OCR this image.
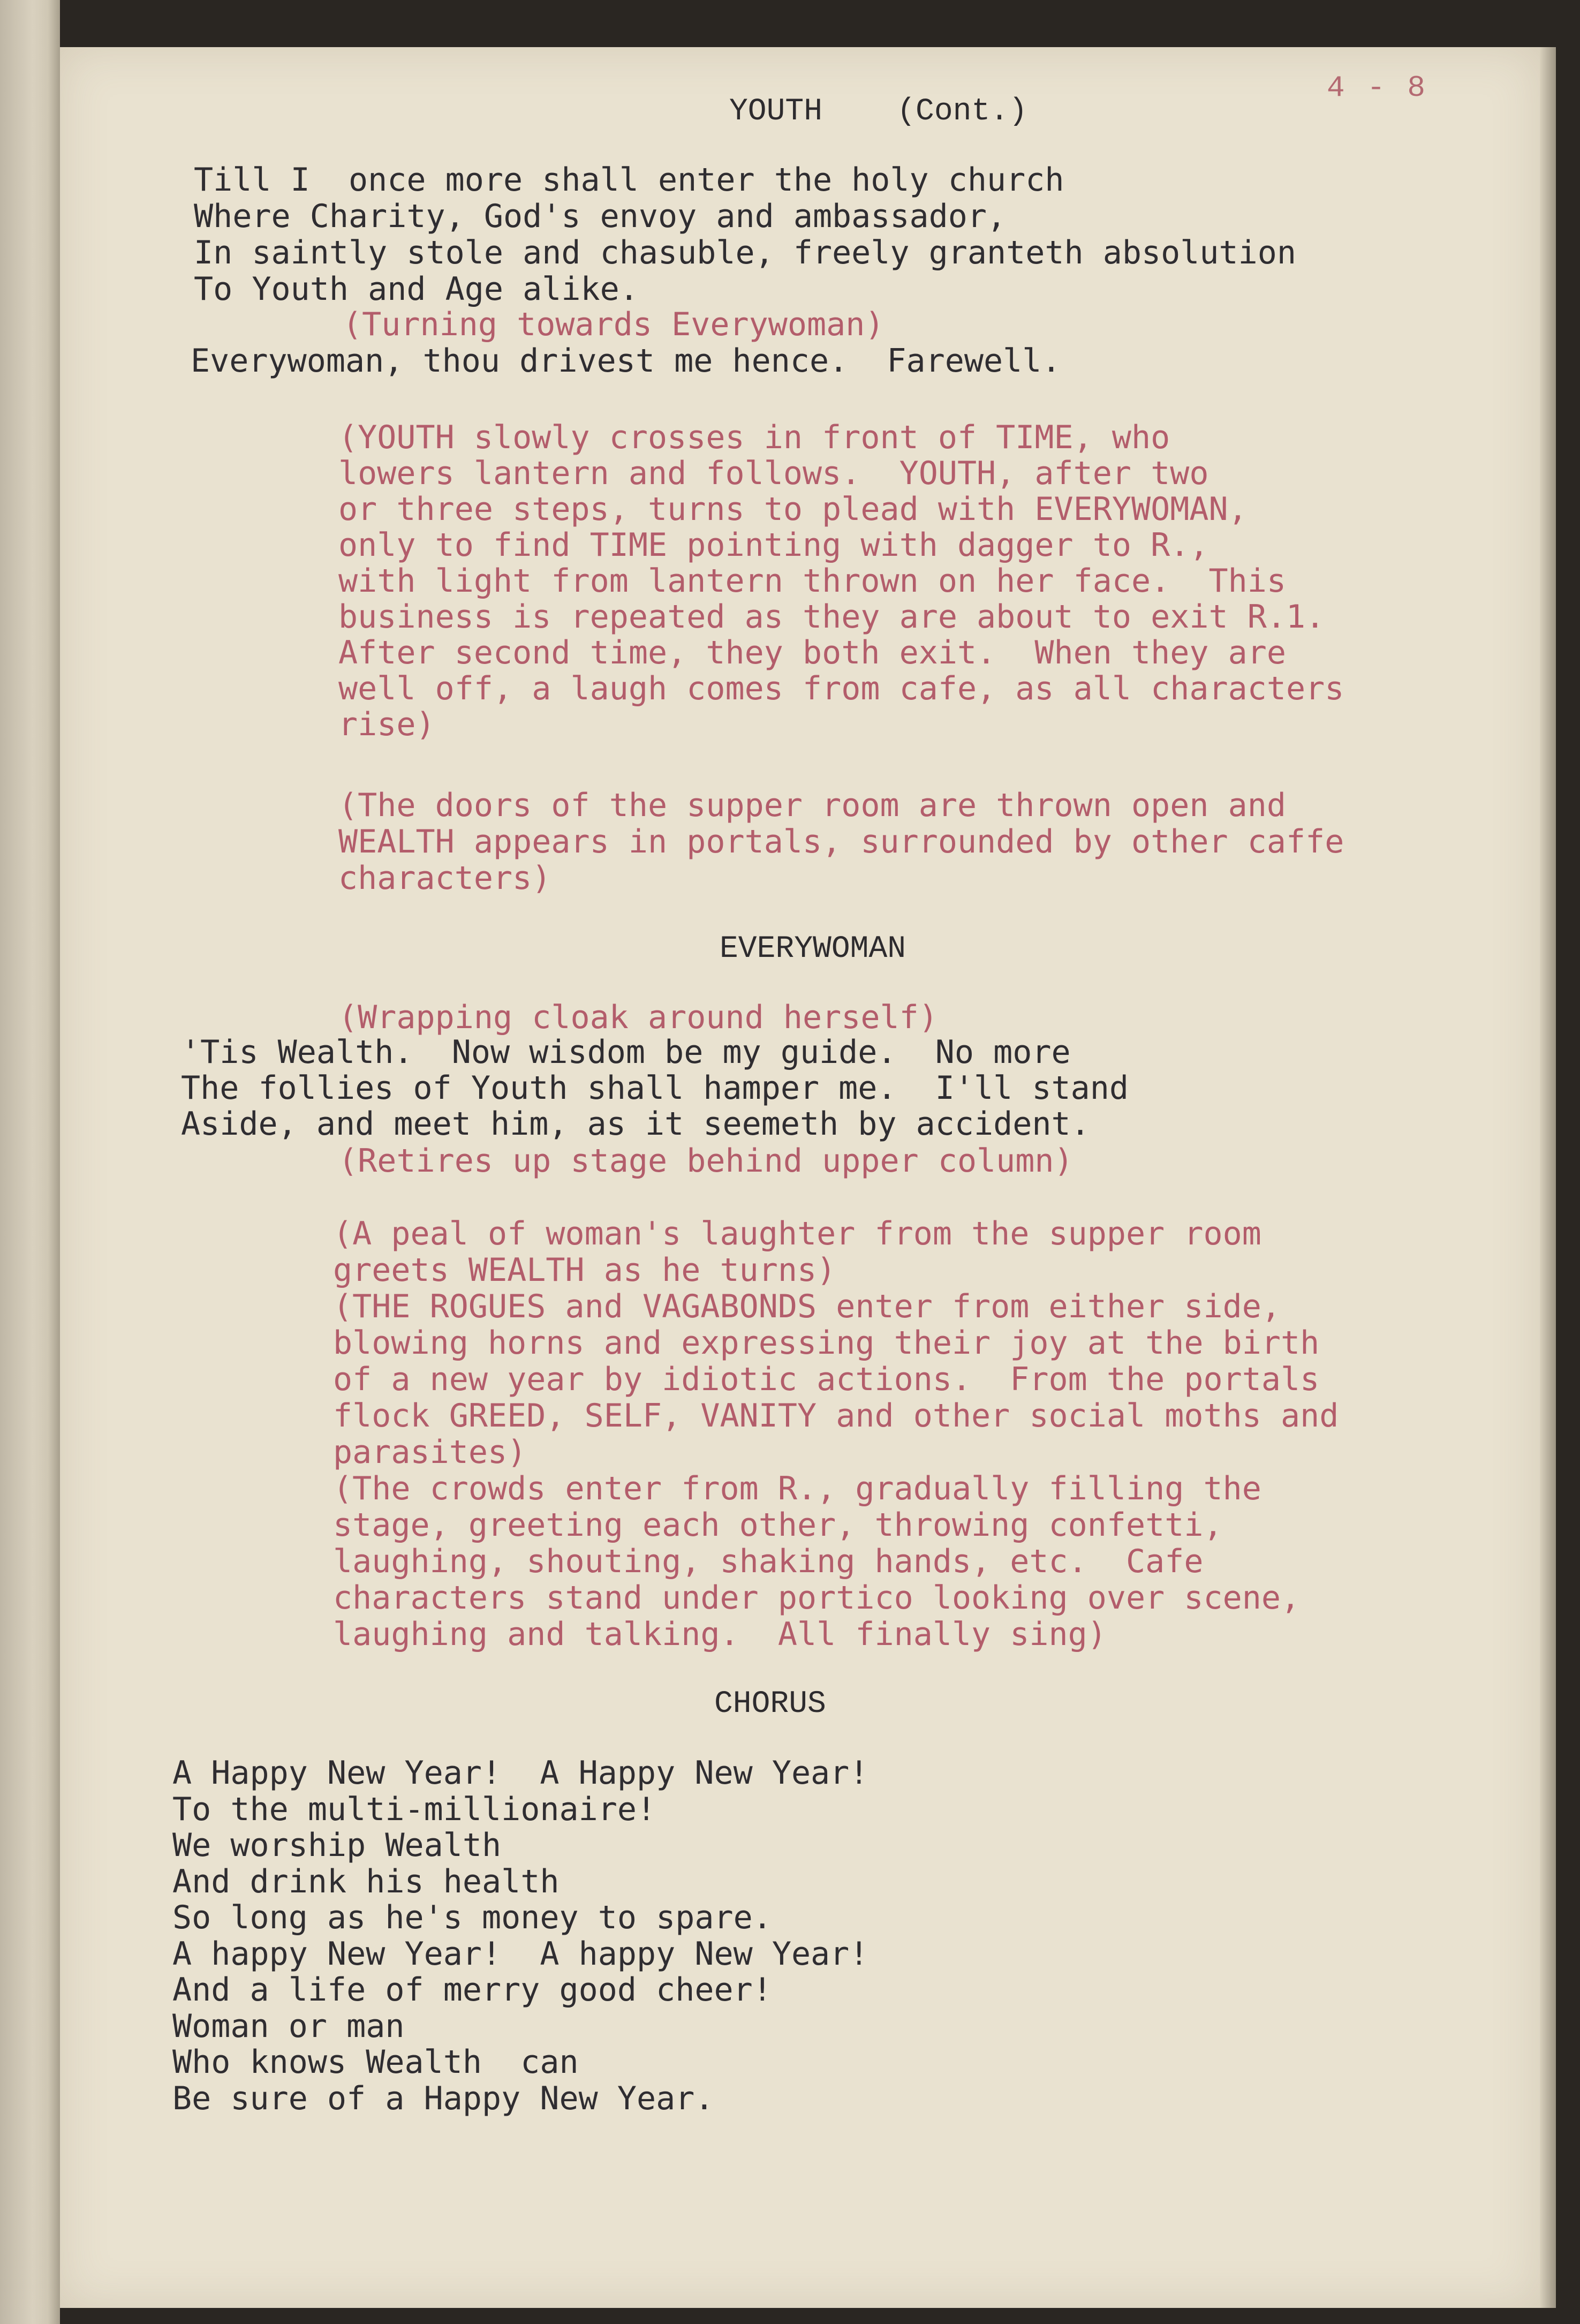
4 - 8
YOUTH    (Cont.)
Till I  once more shall enter the holy church
Where Charity, God's envoy and ambassador,
In saintly stole and chasuble, freely granteth absolution
To Youth and Age alike.
(Turning towards Everywoman)
Everywoman, thou drivest me hence.  Farewell.
(YOUTH slowly crosses in front of TIME, who
lowers lantern and follows.  YOUTH, after two
or three steps, turns to plead with EVERYWOMAN,
only to find TIME pointing with dagger to R.,
with light from lantern thrown on her face.  This
business is repeated as they are about to exit R.1.
After second time, they both exit.  When they are
well off, a laugh comes from cafe, as all characters
rise)
(The doors of the supper room are thrown open and
WEALTH appears in portals, surrounded by other caffe
characters)
EVERYWOMAN
(Wrapping cloak around herself)
'Tis Wealth.  Now wisdom be my guide.  No more
The follies of Youth shall hamper me.  I'll stand
Aside, and meet him, as it seemeth by accident.
(Retires up stage behind upper column)
(A peal of woman's laughter from the supper room
greets WEALTH as he turns)
(THE ROGUES and VAGABONDS enter from either side,
blowing horns and expressing their joy at the birth
of a new year by idiotic actions.  From the portals
flock GREED, SELF, VANITY and other social moths and
parasites)
(The crowds enter from R., gradually filling the
stage, greeting each other, throwing confetti,
laughing, shouting, shaking hands, etc.  Cafe
characters stand under portico looking over scene,
laughing and talking.  All finally sing)
CHORUS
A Happy New Year!  A Happy New Year!
To the multi-millionaire!
We worship Wealth
And drink his health
So long as he's money to spare.
A happy New Year!  A happy New Year!
And a life of merry good cheer!
Woman or man
Who knows Wealth  can
Be sure of a Happy New Year.
